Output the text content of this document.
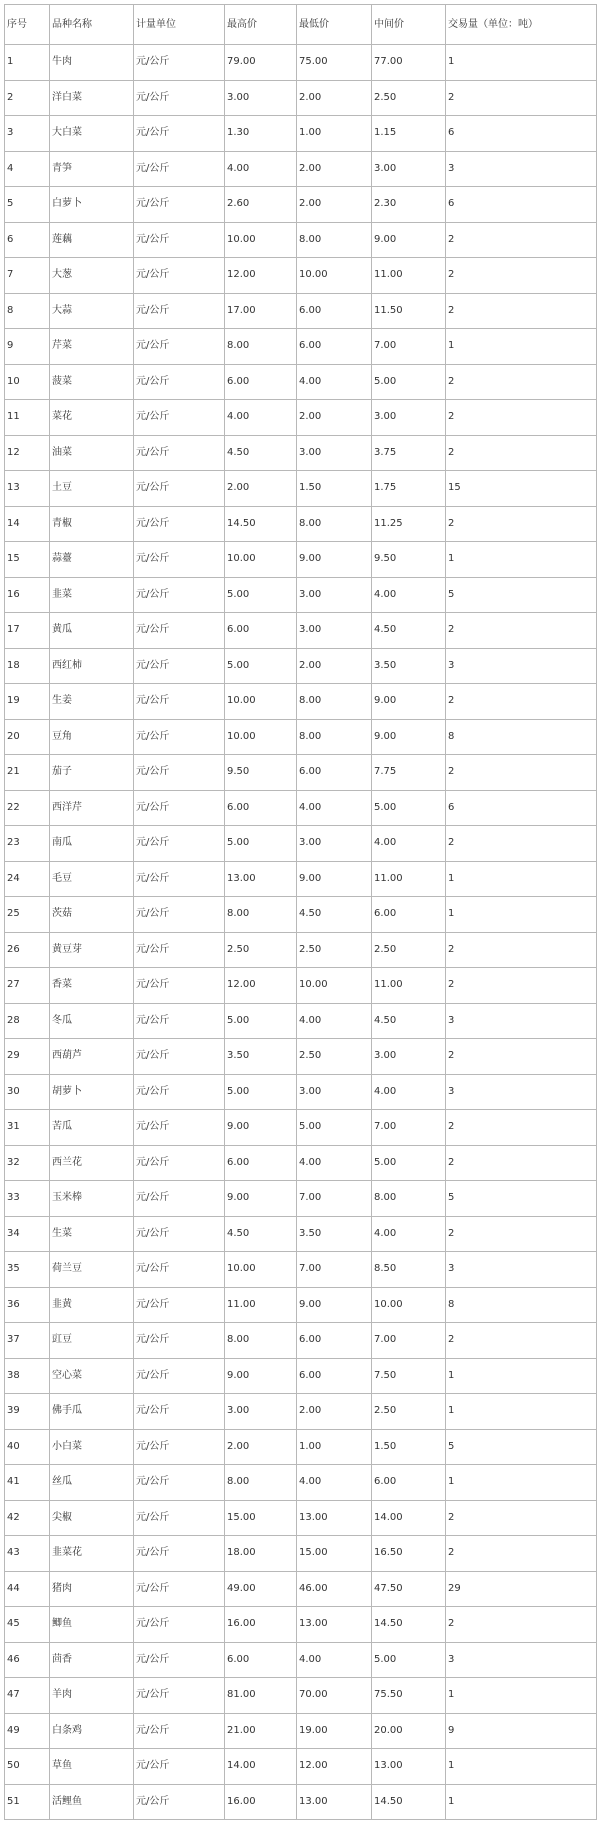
序号	品种名称	计量单位	最高价	最低价	中间价	交易量（单位：吨）
1	牛肉	元/公斤	79.00	75.00	77.00	1
2	洋白菜	元/公斤	3.00	2.00	2.50	2
3	大白菜	元/公斤	1.30	1.00	1.15	6
4	青笋	元/公斤	4.00	2.00	3.00	3
5	白萝卜	元/公斤	2.60	2.00	2.30	6
6	莲藕	元/公斤	10.00	8.00	9.00	2
7	大葱	元/公斤	12.00	10.00	11.00	2
8	大蒜	元/公斤	17.00	6.00	11.50	2
9	芹菜	元/公斤	8.00	6.00	7.00	1
10	菠菜	元/公斤	6.00	4.00	5.00	2
11	菜花	元/公斤	4.00	2.00	3.00	2
12	油菜	元/公斤	4.50	3.00	3.75	2
13	土豆	元/公斤	2.00	1.50	1.75	15
14	青椒	元/公斤	14.50	8.00	11.25	2
15	蒜薹	元/公斤	10.00	9.00	9.50	1
16	韭菜	元/公斤	5.00	3.00	4.00	5
17	黄瓜	元/公斤	6.00	3.00	4.50	2
18	西红柿	元/公斤	5.00	2.00	3.50	3
19	生姜	元/公斤	10.00	8.00	9.00	2
20	豆角	元/公斤	10.00	8.00	9.00	8
21	茄子	元/公斤	9.50	6.00	7.75	2
22	西洋芹	元/公斤	6.00	4.00	5.00	6
23	南瓜	元/公斤	5.00	3.00	4.00	2
24	毛豆	元/公斤	13.00	9.00	11.00	1
25	茨菇	元/公斤	8.00	4.50	6.00	1
26	黄豆芽	元/公斤	2.50	2.50	2.50	2
27	香菜	元/公斤	12.00	10.00	11.00	2
28	冬瓜	元/公斤	5.00	4.00	4.50	3
29	西葫芦	元/公斤	3.50	2.50	3.00	2
30	胡萝卜	元/公斤	5.00	3.00	4.00	3
31	苦瓜	元/公斤	9.00	5.00	7.00	2
32	西兰花	元/公斤	6.00	4.00	5.00	2
33	玉米棒	元/公斤	9.00	7.00	8.00	5
34	生菜	元/公斤	4.50	3.50	4.00	2
35	荷兰豆	元/公斤	10.00	7.00	8.50	3
36	韭黄	元/公斤	11.00	9.00	10.00	8
37	豇豆	元/公斤	8.00	6.00	7.00	2
38	空心菜	元/公斤	9.00	6.00	7.50	1
39	佛手瓜	元/公斤	3.00	2.00	2.50	1
40	小白菜	元/公斤	2.00	1.00	1.50	5
41	丝瓜	元/公斤	8.00	4.00	6.00	1
42	尖椒	元/公斤	15.00	13.00	14.00	2
43	韭菜花	元/公斤	18.00	15.00	16.50	2
44	猪肉	元/公斤	49.00	46.00	47.50	29
45	鲫鱼	元/公斤	16.00	13.00	14.50	2
46	茴香	元/公斤	6.00	4.00	5.00	3
47	羊肉	元/公斤	81.00	70.00	75.50	1
49	白条鸡	元/公斤	21.00	19.00	20.00	9
50	草鱼	元/公斤	14.00	12.00	13.00	1
51	活鲤鱼	元/公斤	16.00	13.00	14.50	1
